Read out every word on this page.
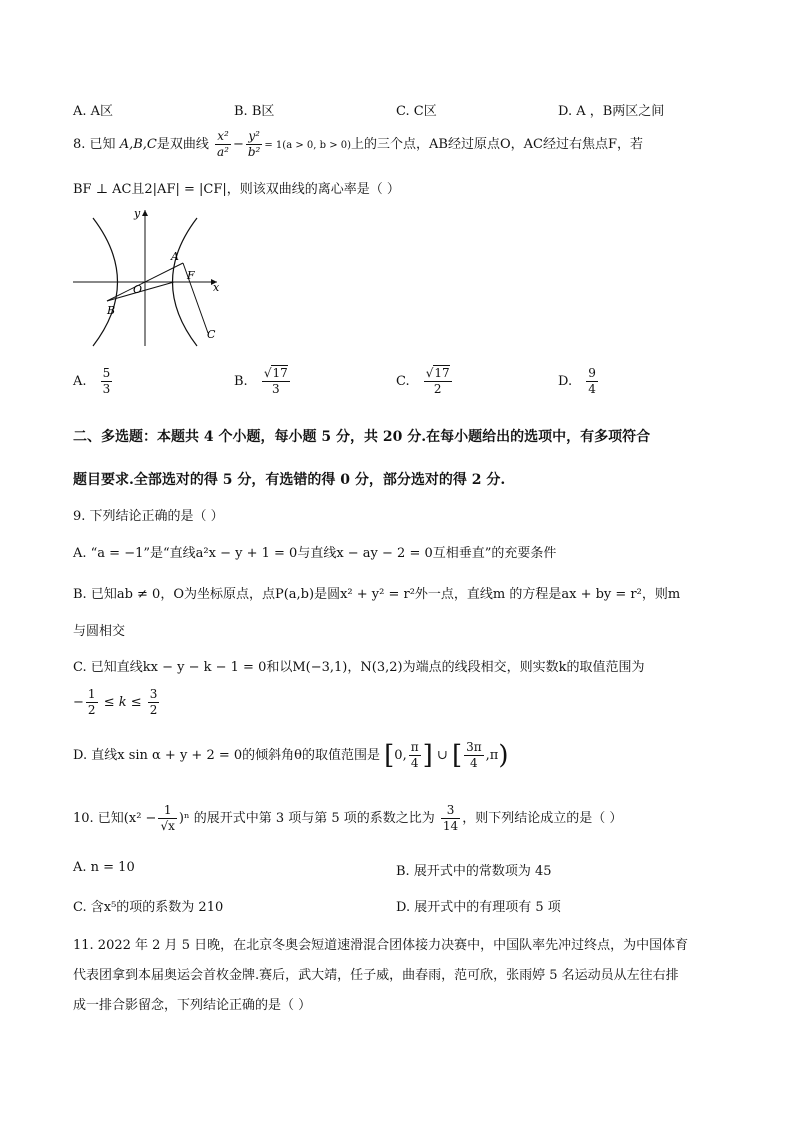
A. A区	B. B区	C. C区	D. A ，B两区之间
8. 已知 A,B,C是双曲线 $\frac{\text{x²}}{\text{a²}} - \frac{\text{y²}}{\text{b²}} = 1(a > 0$, b > 0)上的三个点，AB经过原点O，AC经过右焦点F，若
BF ⊥ AC且2|AF| = |CF|，则该双曲线的离心率是（ ）
y
x
O
A
F
B
C
A. $\frac{5}{3}$	B. $\frac{√17}{3}$	C. $\frac{√17}{2}$	D. $\frac{9}{4}$
二、多选题：本题共 4 个小题，每小题 5 分，共 20 分.在每小题给出的选项中，有多项符合
题目要求.全部选对的得 5 分，有选错的得 0 分，部分选对的得 2 分.
9. 下列结论正确的是（ ）
A. “a = −1”是“直线a²x − y + 1 = 0与直线x − ay − 2 = 0互相垂直”的充要条件
B. 已知ab ≠ 0，O为坐标原点，点P(a,b)是圆x² + y² = r²外一点，直线m 的方程是ax + by = r²，则m
与圆相交
C. 已知直线kx − y − k − 1 = 0和以M(−3,1)，N(3,2)为端点的线段相交，则实数k的取值范围为
− $\frac{1}{2} \le k \le \frac{3}{2}$
D. 直线x sin α + y + 2 = 0的倾斜角θ的取值范围是 [0, $\frac{\pi}{4}$ ] ∪ [ $\frac{3\pi}{4} ,\pi$)
10. 已知$(x^2 - \frac{1}{√x} )^n$ 的展开式中第 3 项与第 5 项的系数之比为 $\frac{3}{14}$ ，则下列结论成立的是（ ）
A. n = 10	B. 展开式中的常数项为 45
C. 含x⁵的项的系数为 210	D. 展开式中的有理项有 5 项
11. 2022 年 2 月 5 日晚，在北京冬奥会短道速滑混合团体接力决赛中，中国队率先冲过终点，为中国体育
代表团拿到本届奥运会首枚金牌.赛后，武大靖，任子威，曲春雨，范可欣，张雨婷 5 名运动员从左往右排
成一排合影留念，下列结论正确的是（ ）
